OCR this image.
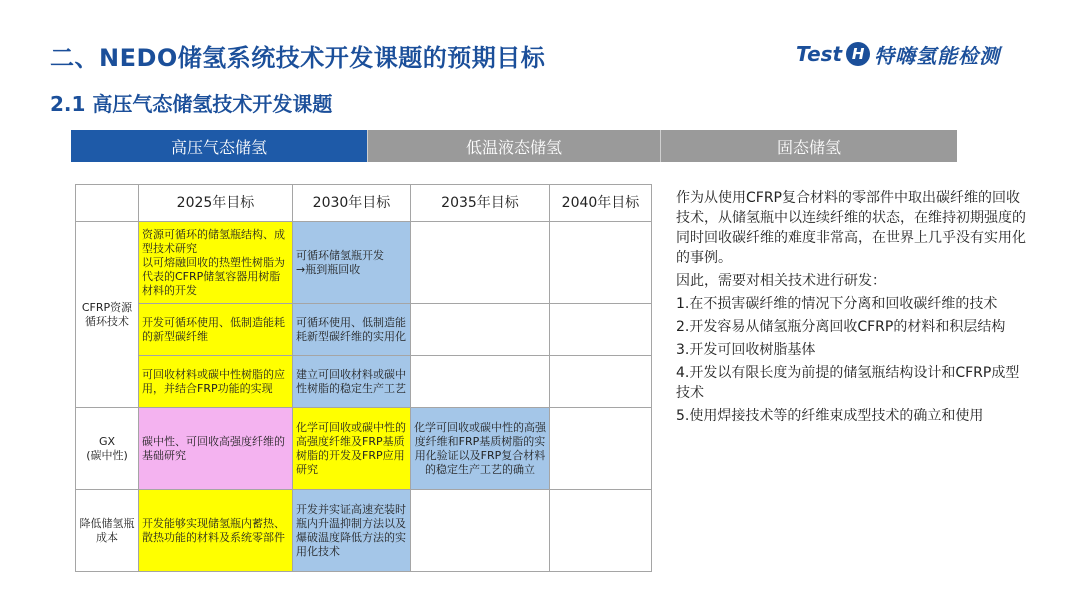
二、NEDO储氢系统技术开发课题的预期目标
2.1 高压气态储氢技术开发课题
Test H 特嗨氢能检测
高压气态储氢	低温液态储氢	固态储氢
	2025年目标	2030年目标	2035年目标	2040年目标
CFRP资源循环技术	资源可循环的储氢瓶结构、成型技术研究
以可熔融回收的热塑性树脂为代表的CFRP储氢容器用树脂材料的开发	可循环储氢瓶开发
→瓶到瓶回收		
	开发可循环使用、低制造能耗的新型碳纤维	可循环使用、低制造能耗新型碳纤维的实用化		
	可回收材料或碳中性树脂的应用，并结合FRP功能的实现	建立可回收材料或碳中性树脂的稳定生产工艺		
GX
(碳中性)	碳中性、可回收高强度纤维的基础研究	化学可回收或碳中性的高强度纤维及FRP基质树脂的开发及FRP应用研究	化学可回收或碳中性的高强度纤维和FRP基质树脂的实用化验证以及FRP复合材料的稳定生产工艺的确立	
降低储氢瓶成本	开发能够实现储氢瓶内蓄热、散热功能的材料及系统零部件	开发并实证高速充装时瓶内升温抑制方法以及爆破温度降低方法的实用化技术		

作为从使用CFRP复合材料的零部件中取出碳纤维的回收技术，从储氢瓶中以连续纤维的状态，在维持初期强度的同时回收碳纤维的难度非常高，在世界上几乎没有实用化的事例。

因此，需要对相关技术进行研发：

1.在不损害碳纤维的情况下分离和回收碳纤维的技术

2.开发容易从储氢瓶分离回收CFRP的材料和积层结构

3.开发可回收树脂基体

4.开发以有限长度为前提的储氢瓶结构设计和CFRP成型技术

5.使用焊接技术等的纤维束成型技术的确立和使用
